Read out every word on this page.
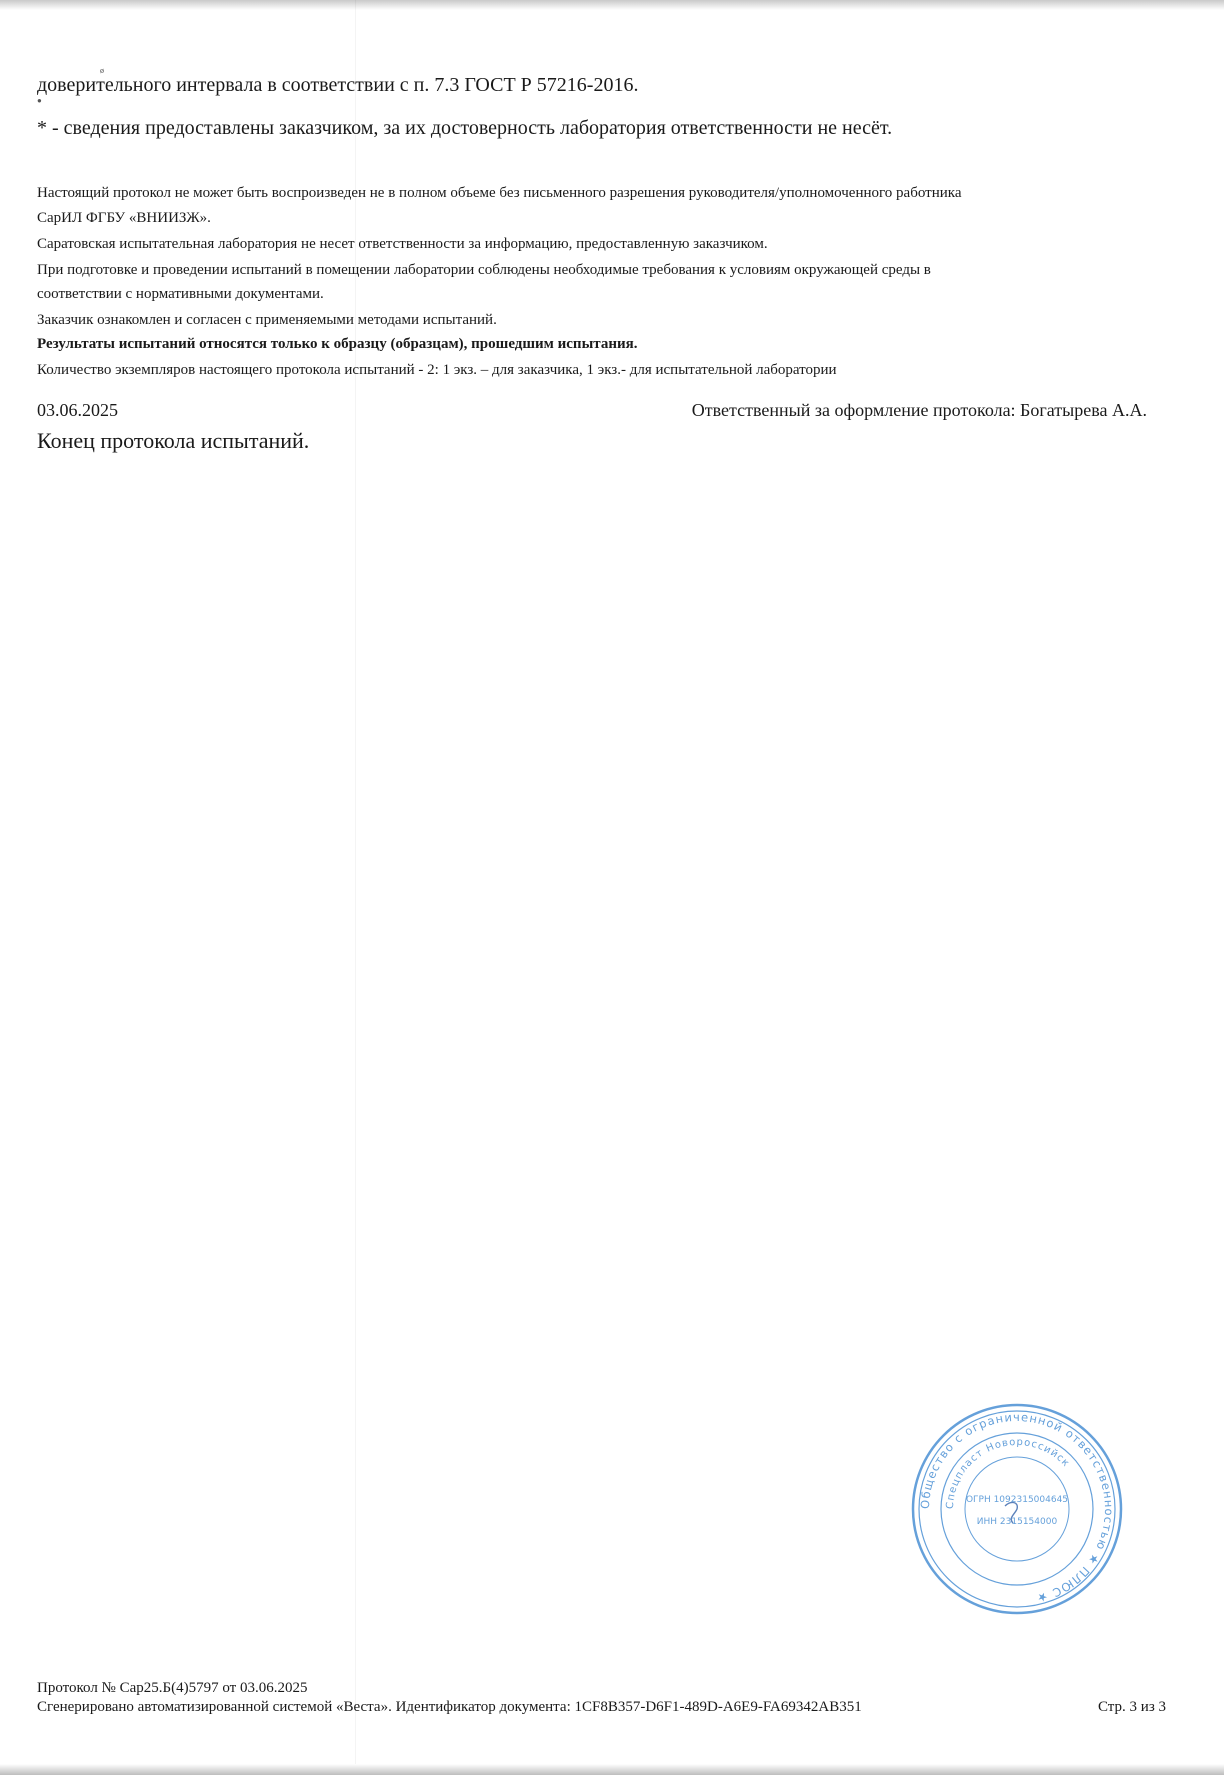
ø
●
доверительного интервала в соответствии с п. 7.3 ГОСТ Р 57216-2016.
* - сведения предоставлены заказчиком, за их достоверность лаборатория ответственности не несёт.
Настоящий протокол не может быть воспроизведен не в полном объеме без письменного разрешения руководителя/уполномоченного работника
СарИЛ ФГБУ «ВНИИЗЖ».
Саратовская испытательная лаборатория не несет ответственности за информацию, предоставленную заказчиком.
При подготовке и проведении испытаний в помещении лаборатории соблюдены необходимые требования к условиям окружающей среды в
соответствии с нормативными документами.
Заказчик ознакомлен и согласен с применяемыми методами испытаний.
Результаты испытаний относятся только к образцу (образцам), прошедшим испытания.
Количество экземпляров настоящего протокола испытаний - 2: 1 экз. – для заказчика, 1 экз.- для испытательной лаборатории
03.06.2025	Ответственный за оформление протокола: Богатырева А.А.
Конец протокола испытаний.
Общество с ограниченной ответственностью ★ ПЛЮС ★
Спецпласт Новороссийск
ОГРН 1092315004645
ИНН 2315154000
Протокол № Сар25.Б(4)5797 от 03.06.2025
Сгенерировано автоматизированной системой «Веста». Идентификатор документа: 1CF8B357-D6F1-489D-A6E9-FA69342AB351	Стр. 3 из 3
